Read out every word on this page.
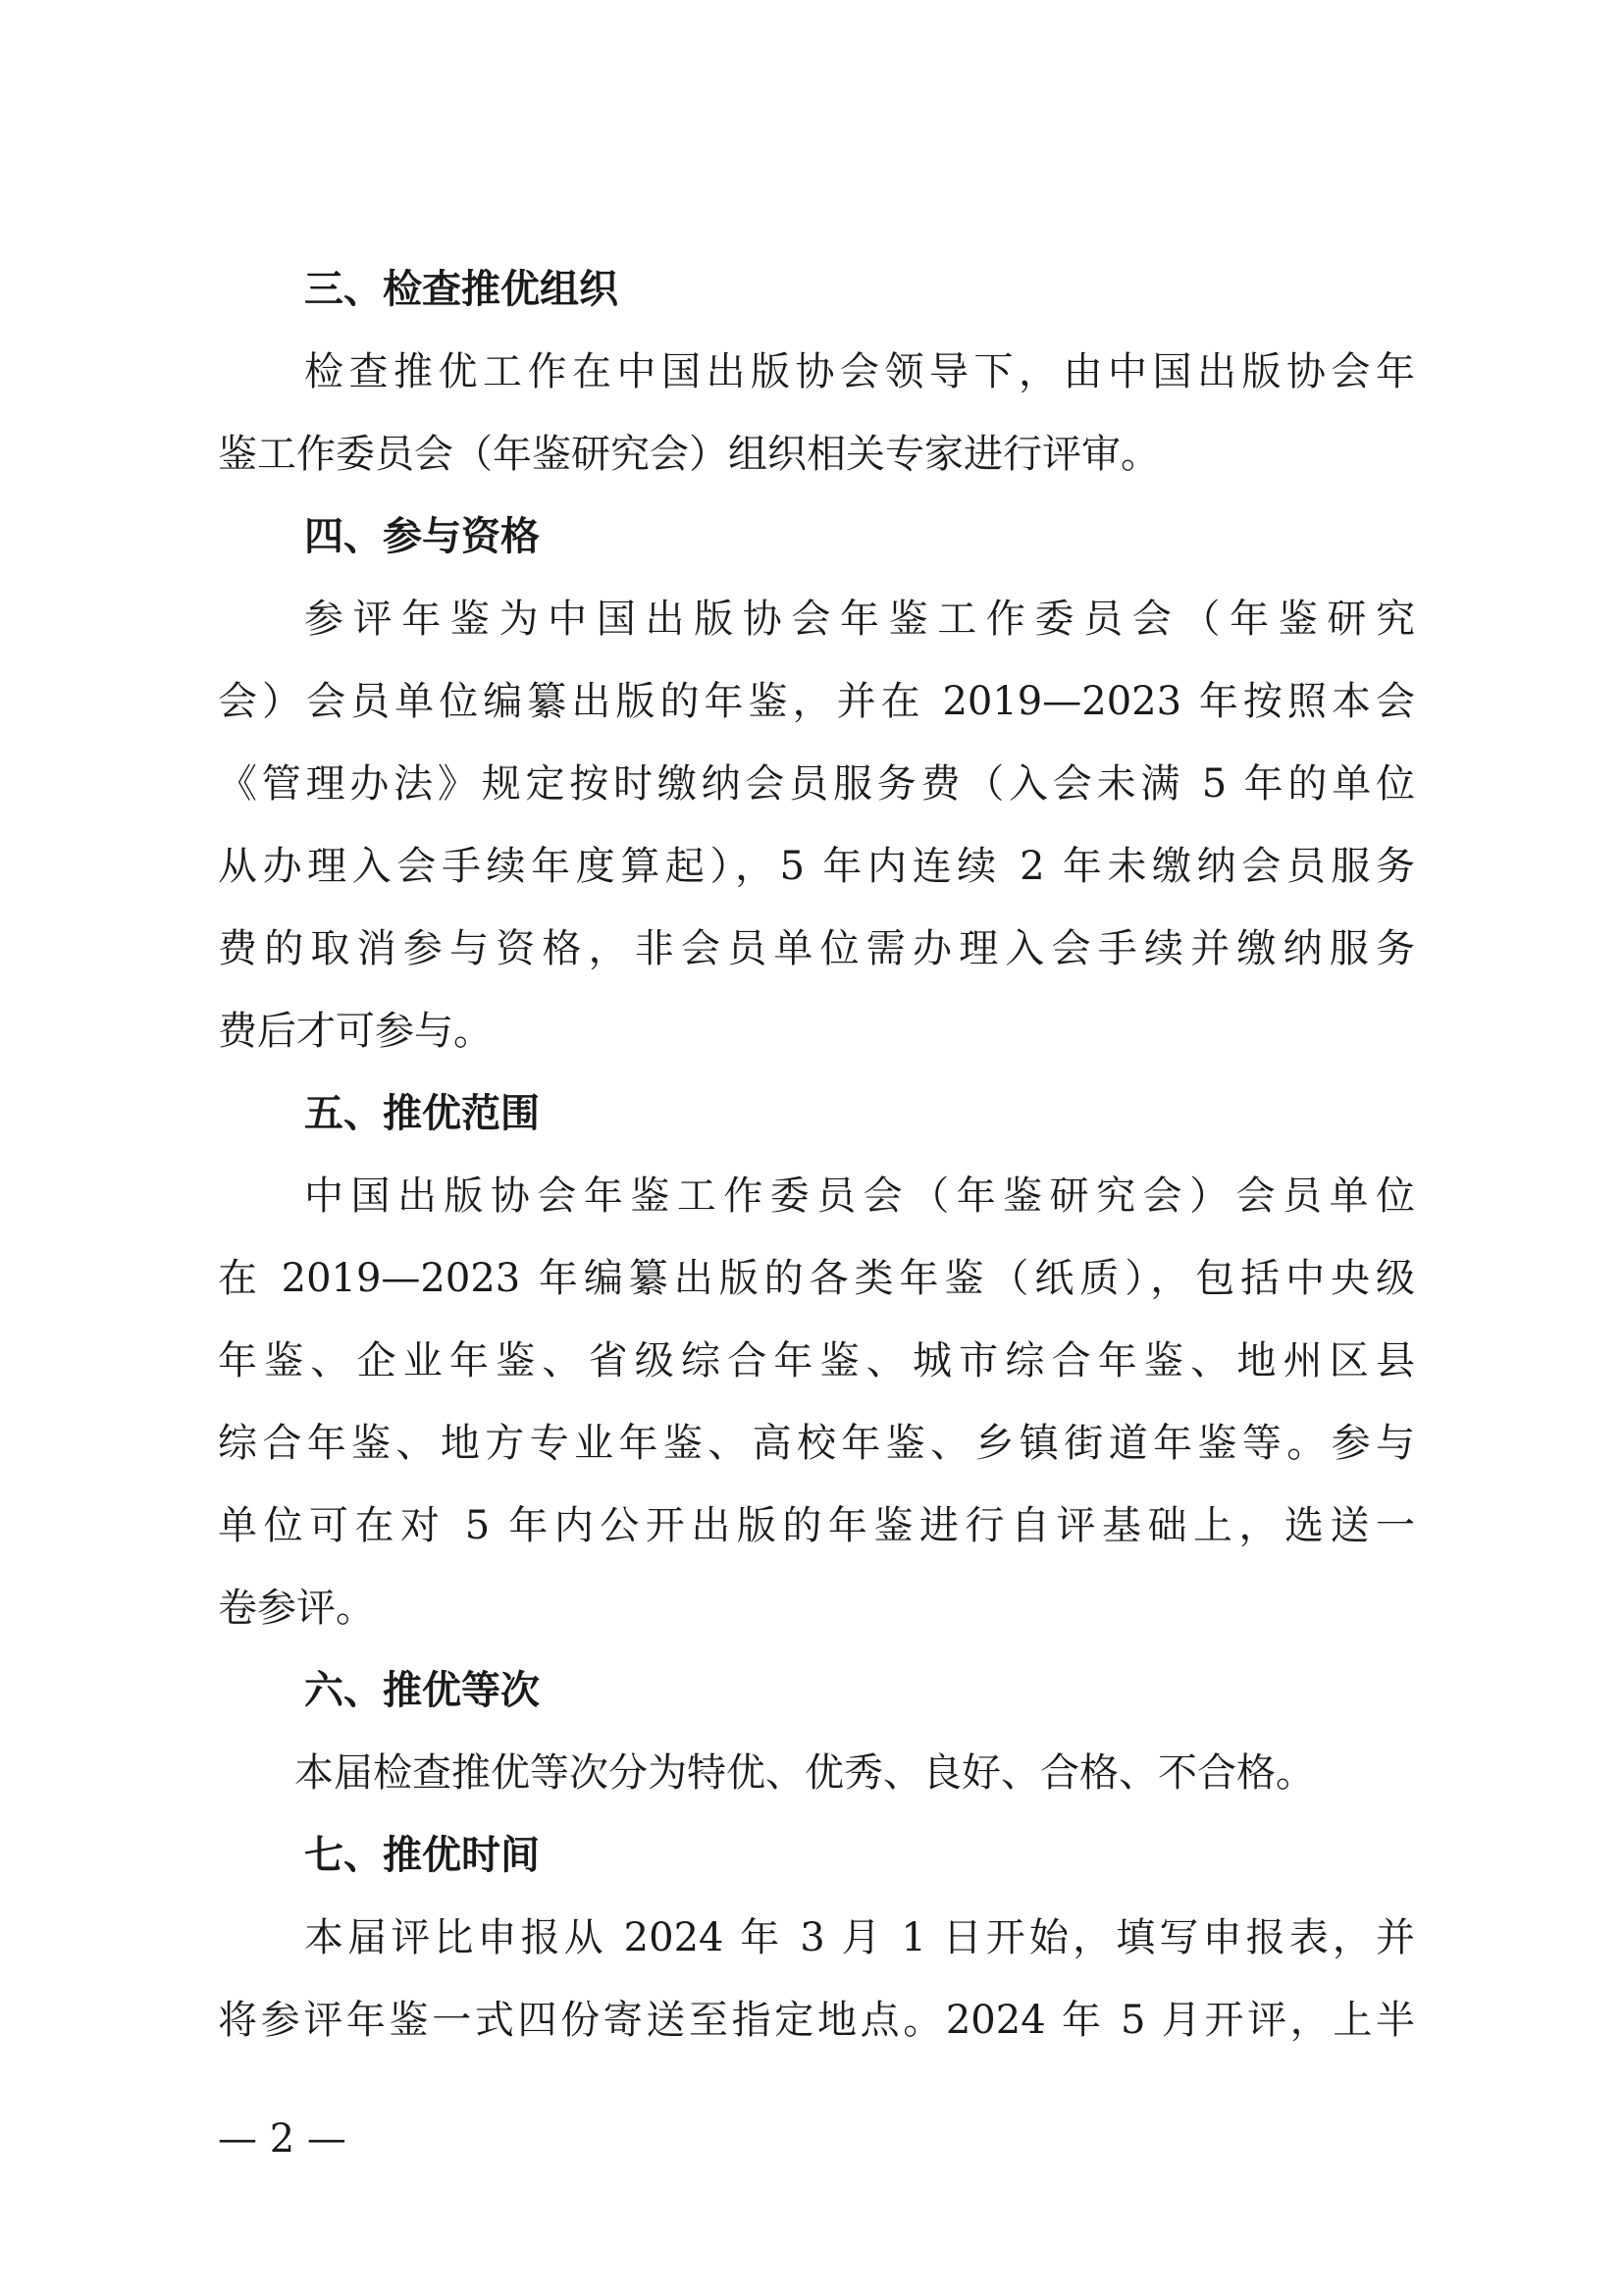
三、检查推优组织
检查推优工作在中国出版协会领导下，由中国出版协会年
鉴工作委员会（年鉴研究会）组织相关专家进行评审。
四、参与资格
参评年鉴为中国出版协会年鉴工作委员会（年鉴研究
会）会员单位编纂出版的年鉴，并在 2019—2023 年按照本会
《管理办法》规定按时缴纳会员服务费（入会未满 5 年的单位
从办理入会手续年度算起），5 年内连续 2 年未缴纳会员服务
费的取消参与资格，非会员单位需办理入会手续并缴纳服务
费后才可参与。
五、推优范围
中国出版协会年鉴工作委员会（年鉴研究会）会员单位
在 2019—2023 年编纂出版的各类年鉴（纸质），包括中央级
年鉴、企业年鉴、省级综合年鉴、城市综合年鉴、地州区县
综合年鉴、地方专业年鉴、高校年鉴、乡镇街道年鉴等。参与
单位可在对 5 年内公开出版的年鉴进行自评基础上，选送一
卷参评。
六、推优等次
本届检查推优等次分为特优、优秀、良好、合格、不合格。
七、推优时间
本届评比申报从 2024 年 3 月 1 日开始，填写申报表，并
将参评年鉴一式四份寄送至指定地点。2024 年 5 月开评，上半
— 2 —
